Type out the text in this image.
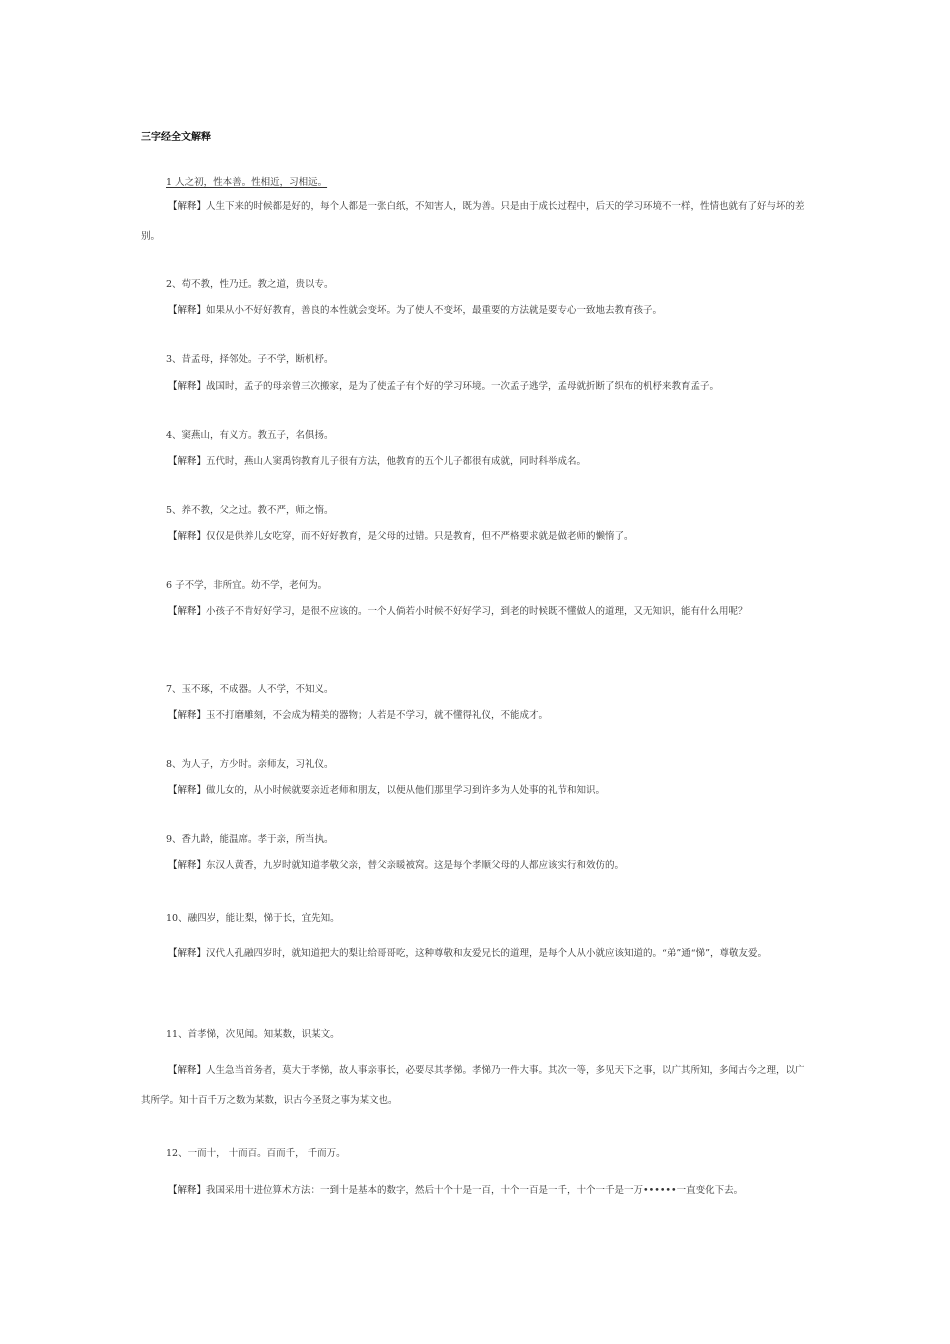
三字经全文解释
1 人之初，性本善。性相近，习相远。

【解释】人生下来的时候都是好的，每个人都是一张白纸，不知害人，既为善。只是由于成长过程中，后天的学习环境不一样，性情也就有了好与坏的差别。

2、苟不教，性乃迁。教之道，贵以专。

【解释】如果从小不好好教育，善良的本性就会变坏。为了使人不变坏，最重要的方法就是要专心一致地去教育孩子。

3、昔孟母，择邻处。子不学，断机杼。

【解释】战国时，孟子的母亲曾三次搬家，是为了使孟子有个好的学习环境。一次孟子逃学，孟母就折断了织布的机杼来教育孟子。

4、窦燕山，有义方。教五子，名俱扬。

【解释】五代时，燕山人窦禹钧教育儿子很有方法，他教育的五个儿子都很有成就，同时科举成名。

5、养不教，父之过。教不严，师之惰。

【解释】仅仅是供养儿女吃穿，而不好好教育，是父母的过错。只是教育，但不严格要求就是做老师的懒惰了。

6 子不学，非所宜。幼不学，老何为。

【解释】小孩子不肯好好学习，是很不应该的。一个人倘若小时候不好好学习，到老的时候既不懂做人的道理，又无知识，能有什么用呢？

7、玉不琢，不成器。人不学，不知义。

【解释】玉不打磨雕刻，不会成为精美的器物；人若是不学习，就不懂得礼仪，不能成才。

8、为人子，方少时。亲师友，习礼仪。

【解释】做儿女的，从小时候就要亲近老师和朋友，以便从他们那里学习到许多为人处事的礼节和知识。

9、香九龄，能温席。孝于亲，所当执。

【解释】东汉人黄香，九岁时就知道孝敬父亲，替父亲暖被窝。这是每个孝顺父母的人都应该实行和效仿的。

10、融四岁，能让梨，悌于长，宜先知。

【解释】汉代人孔融四岁时，就知道把大的梨让给哥哥吃，这种尊敬和友爱兄长的道理，是每个人从小就应该知道的。“弟”通“悌”，尊敬友爱。

11、首孝悌，次见闻。知某数，识某文。

【解释】人生急当首务者，莫大于孝悌，故人事亲事长，必要尽其孝悌。孝悌乃一件大事。其次一等，多见天下之事，以广其所知，多闻古今之理，以广其所学。知十百千万之数为某数，识古今圣贤之事为某文也。

12、一而十， 十而百。百而千， 千而万。

【解释】我国采用十进位算术方法：一到十是基本的数字，然后十个十是一百，十个一百是一千，十个一千是一万••••••一直变化下去。
